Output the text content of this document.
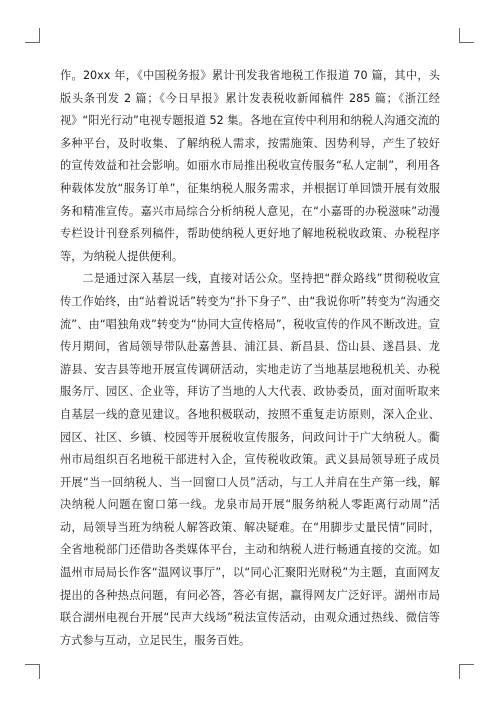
作。20xx 年，《中国税务报》累计刊发我省地税工作报道 70 篇，其中，头版头条刊发 2 篇；《今日早报》累计发表税收新闻稿件 285 篇；《浙江经视》“阳光行动”电视专题报道 52 集。各地在宣传中利用和纳税人沟通交流的多种平台，及时收集、了解纳税人需求，按需施策、因势利导，产生了较好的宣传效益和社会影响。如丽水市局推出税收宣传服务“私人定制”，利用各种载体发放“服务订单”，征集纳税人服务需求，并根据订单回馈开展有效服务和精准宣传。嘉兴市局综合分析纳税人意见，在“小嘉哥的办税滋味”动漫专栏设计刊登系列稿件，帮助使纳税人更好地了解地税税收政策、办税程序等，为纳税人提供便利。

二是通过深入基层一线，直接对话公众。坚持把“群众路线”贯彻税收宣传工作始终，由“站着说话”转变为“扑下身子”、由“我说你听”转变为“沟通交流”、由“唱独角戏”转变为“协同大宣传格局”，税收宣传的作风不断改进。宣传月期间，省局领导带队赴嘉善县、浦江县、新昌县、岱山县、遂昌县、龙游县、安吉县等地开展宣传调研活动，实地走访了当地基层地税机关、办税服务厅、园区、企业等，拜访了当地的人大代表、政协委员，面对面听取来自基层一线的意见建议。各地积极联动，按照不重复走访原则，深入企业、园区、社区、乡镇、校园等开展税收宣传服务，问政问计于广大纳税人。衢州市局组织百名地税干部进村入企，宣传税收政策。武义县局领导班子成员开展“当一回纳税人、当一回窗口人员”活动，与工人并肩在生产第一线，解决纳税人问题在窗口第一线。龙泉市局开展“服务纳税人零距离行动周”活动，局领导当班为纳税人解答政策、解决疑难。在“用脚步丈量民情”同时，全省地税部门还借助各类媒体平台，主动和纳税人进行畅通直接的交流。如温州市局局长作客“温网议事厅”，以“同心汇聚阳光财税”为主题，直面网友提出的各种热点问题，有问必答，答必有据，赢得网友广泛好评。湖州市局联合湖州电视台开展“民声大线场”税法宣传活动，由观众通过热线、微信等方式参与互动，立足民生，服务百姓。
